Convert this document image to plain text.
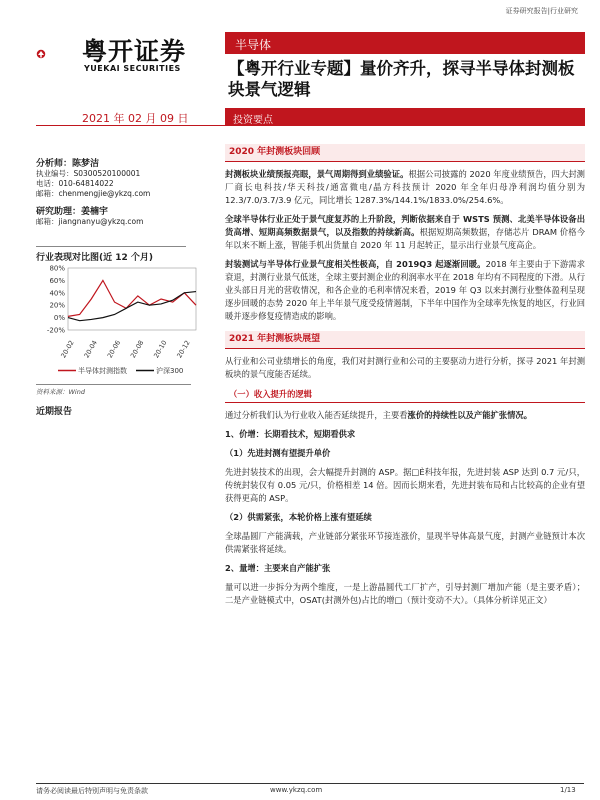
证券研究报告|行业研究
粤开证券
YUEKAI SECURITIES
半导体
【粤开行业专题】量价齐升，探寻半导体封测板块景气逻辑
2021 年 02 月 09 日	投资要点
分析师：陈梦洁
执业编号：S0300520100001
电话：010-64814022
邮箱：chenmengjie@ykzq.com
研究助理：姜楠宇
邮箱：jiangnanyu@ykzq.com
行业表现对比图(近 12 个月)
80%
60%
40%
20%
0%
-20%
20-02 20-04 20-06 20-08 20-10 20-12
半导体封测指数	沪深300
资料来源：Wind
近期报告
2020 年封测板块回顾
封测板块业绩预报亮眼，景气周期得到业绩验证。根据公司披露的 2020 年度业绩预告，四大封测厂商长电科技/华天科技/通富微电/晶方科技预计 2020 年全年归母净利润均值分别为 12.3/7.0/3.7/3.9 亿元，同比增长 1287.3%/144.1%/1833.0%/254.6%。
全球半导体行业正处于景气度复苏的上升阶段，判断依据来自于 WSTS 预测、北美半导体设备出货高增、短期高频数据景气，以及指数的持续新高。根据短期高频数据，存储芯片 DRAM 价格今年以来不断上涨，智能手机出货量自 2020 年 11 月起转正，显示出行业景气度高企。
封装测试与半导体行业景气度相关性极高，自 2019Q3 起逐渐回暖。2018 年主要由于下游需求衰退，封测行业景气低迷，全球主要封测企业的利润率水平在 2018 年均有不同程度的下滑。从行业头部日月光的营收情况，和各企业的毛利率情况来看，2019 年 Q3 以来封测行业整体盈利呈现逐步回暖的态势 2020 年上半年景气度受疫情遏制，下半年中国作为全球率先恢复的地区，行业回暖并逐步修复疫情造成的影响。
2021 年封测板块展望
从行业和公司业绩增长的角度，我们对封测行业和公司的主要驱动力进行分析，探寻 2021 年封测板块的景气度能否延续。
（一）收入提升的逻辑
通过分析我们认为行业收入能否延续提升，主要看涨价的持续性以及产能扩张情况。
1、价增：长期看技术，短期看供求
（1）先进封测有望提升单价
先进封装技术的出现，会大幅提升封测的 ASP。据□Ѐ科技年报，先进封装 ASP 达到 0.7 元/只，传统封装仅有 0.05 元/只，价格相差 14 倍。因而长期来看，先进封装布局和占比较高的企业有望获得更高的 ASP。
（2）供需紧张，本轮价格上涨有望延续
全球晶圆厂产能满载，产业链部分紧张环节接连涨价，显现半导体高景气度，封测产业链预计本次供需紧张将延续。
2、量增：主要来自产能扩张
量可以进一步拆分为两个维度，一是上游晶圆代工厂扩产，引导封测厂增加产能（是主要矛盾）；二是产业链模式中，OSAT(封测外包)占比的增□（预计变动不大）。（具体分析详见正文）
请务必阅读最后特别声明与免责条款	www.ykzq.com	1/13
